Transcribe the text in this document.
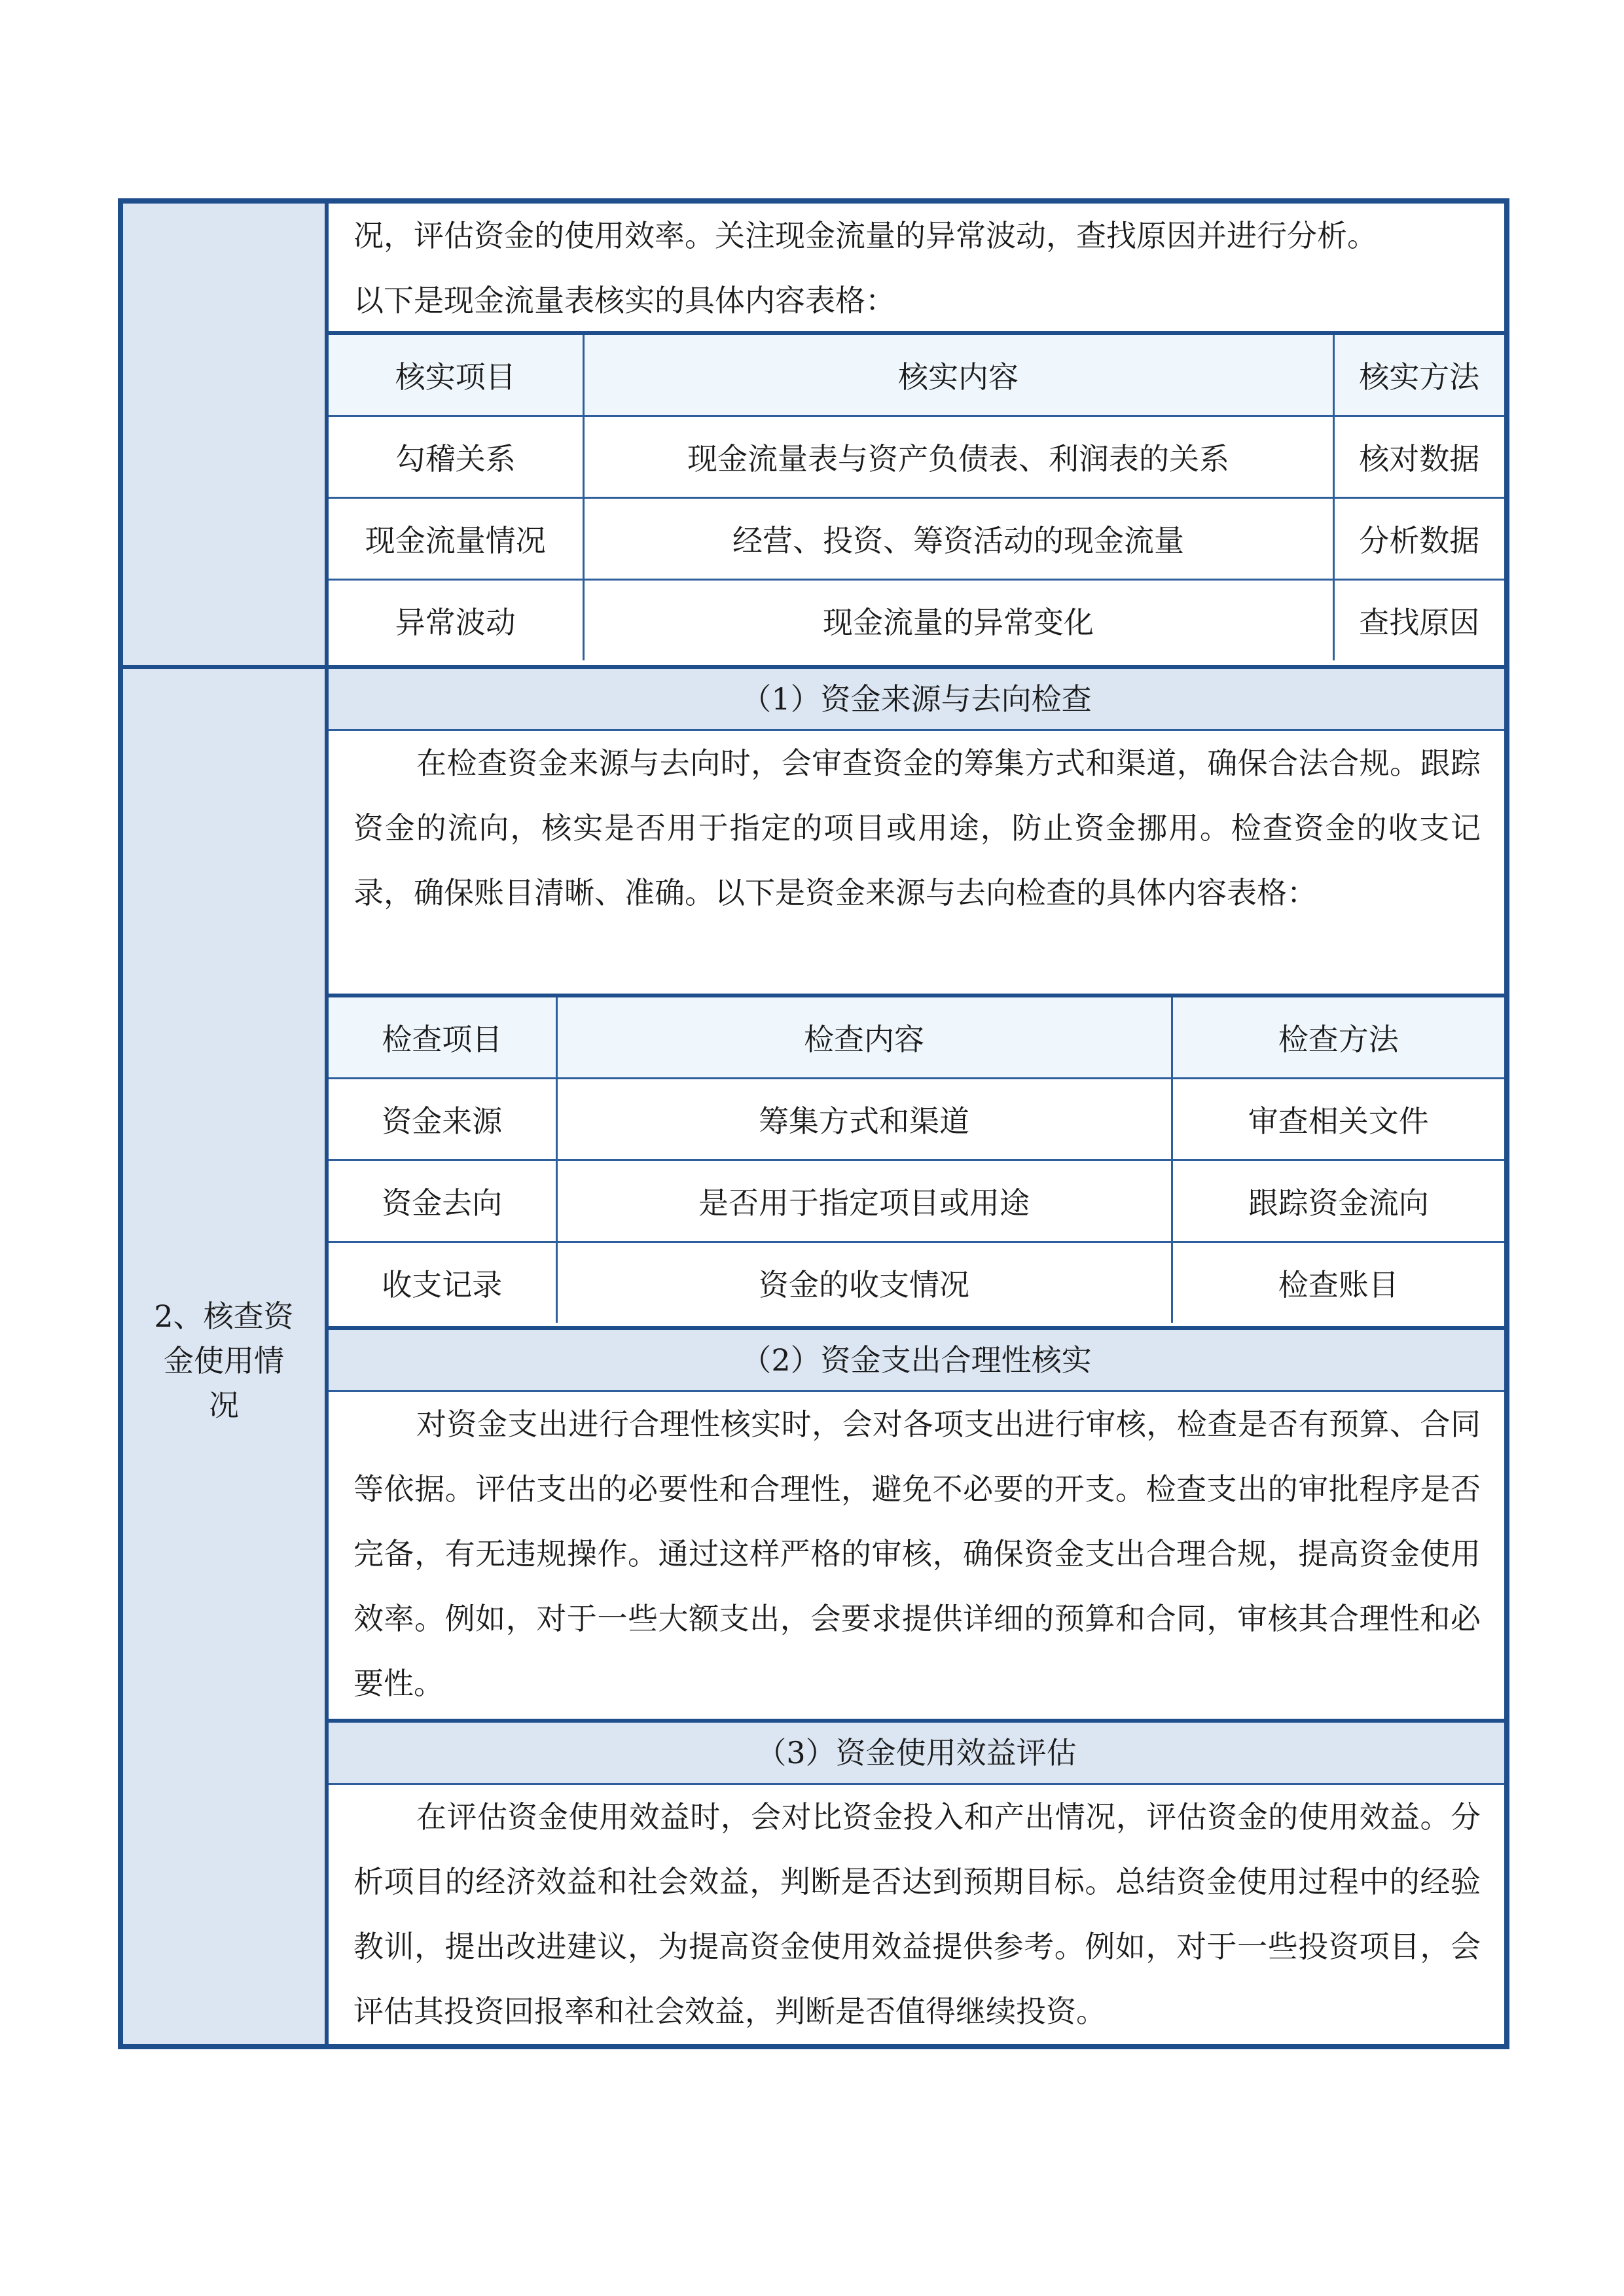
2、核查资
金使用情
况
况，评估资金的使用效率。关注现金流量的异常波动，查找原因并进行分析。
以下是现金流量表核实的具体内容表格：
核实项目	核实内容	核实方法
勾稽关系	现金流量表与资产负债表、利润表的关系	核对数据
现金流量情况	经营、投资、筹资活动的现金流量	分析数据
异常波动	现金流量的异常变化	查找原因
（1）资金来源与去向检查
在检查资金来源与去向时，会审查资金的筹集方式和渠道，确保合法合规。跟踪资金的流向，核实是否用于指定的项目或用途，防止资金挪用。检查资金的收支记录，确保账目清晰、准确。以下是资金来源与去向检查的具体内容表格：
检查项目	检查内容	检查方法
资金来源	筹集方式和渠道	审查相关文件
资金去向	是否用于指定项目或用途	跟踪资金流向
收支记录	资金的收支情况	检查账目
（2）资金支出合理性核实
对资金支出进行合理性核实时，会对各项支出进行审核，检查是否有预算、合同等依据。评估支出的必要性和合理性，避免不必要的开支。检查支出的审批程序是否完备，有无违规操作。通过这样严格的审核，确保资金支出合理合规，提高资金使用效率。例如，对于一些大额支出，会要求提供详细的预算和合同，审核其合理性和必要性。
（3）资金使用效益评估
在评估资金使用效益时，会对比资金投入和产出情况，评估资金的使用效益。分析项目的经济效益和社会效益，判断是否达到预期目标。总结资金使用过程中的经验教训，提出改进建议，为提高资金使用效益提供参考。例如，对于一些投资项目，会评估其投资回报率和社会效益，判断是否值得继续投资。
